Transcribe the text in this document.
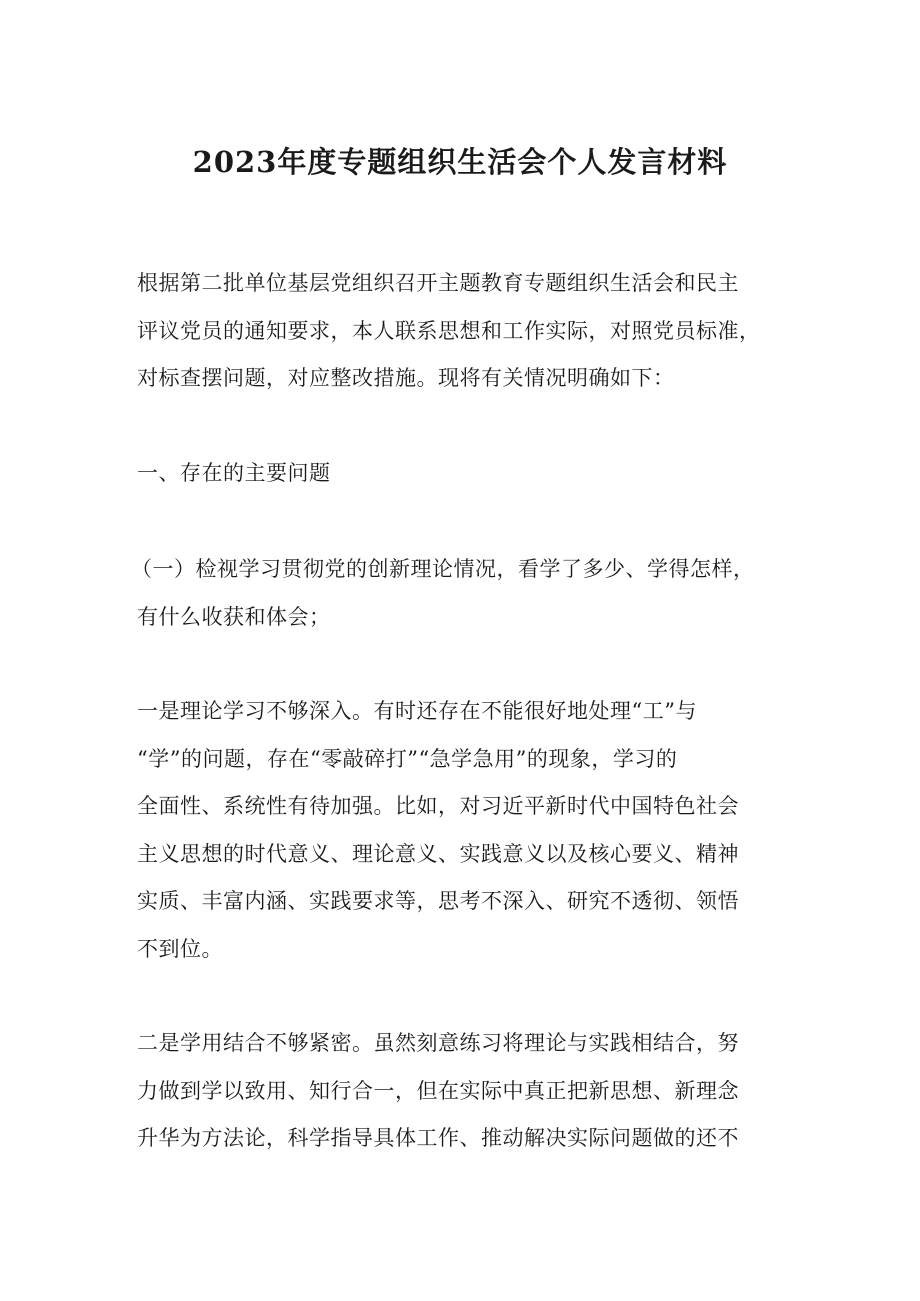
2023年度专题组织生活会个人发言材料

根据第二批单位基层党组织召开主题教育专题组织生活会和民主
评议党员的通知要求，本人联系思想和工作实际，对照党员标准，
对标查摆问题，对应整改措施。现将有关情况明确如下：

一、存在的主要问题

（一）检视学习贯彻党的创新理论情况，看学了多少、学得怎样，
有什么收获和体会；

一是理论学习不够深入。有时还存在不能很好地处理“工”与
“学”的问题，存在“零敲碎打”“急学急用”的现象，学习的
全面性、系统性有待加强。比如，对习近平新时代中国特色社会
主义思想的时代意义、理论意义、实践意义以及核心要义、精神
实质、丰富内涵、实践要求等，思考不深入、研究不透彻、领悟
不到位。

二是学用结合不够紧密。虽然刻意练习将理论与实践相结合，努
力做到学以致用、知行合一，但在实际中真正把新思想、新理念
升华为方法论，科学指导具体工作、推动解决实际问题做的还不
